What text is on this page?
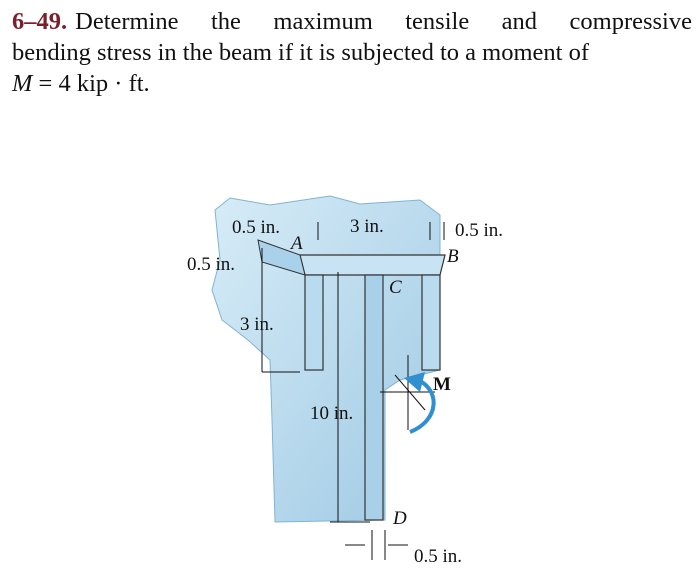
6–49. Determine the maximum tensile and compressive
bending stress in the beam if it is subjected to a moment of
M = 4 kip · ft.
0.5 in.
A
3 in.	0.5 in.
B
0.5 in.
C
3 in.
M
10 in.
D
0.5 in.
